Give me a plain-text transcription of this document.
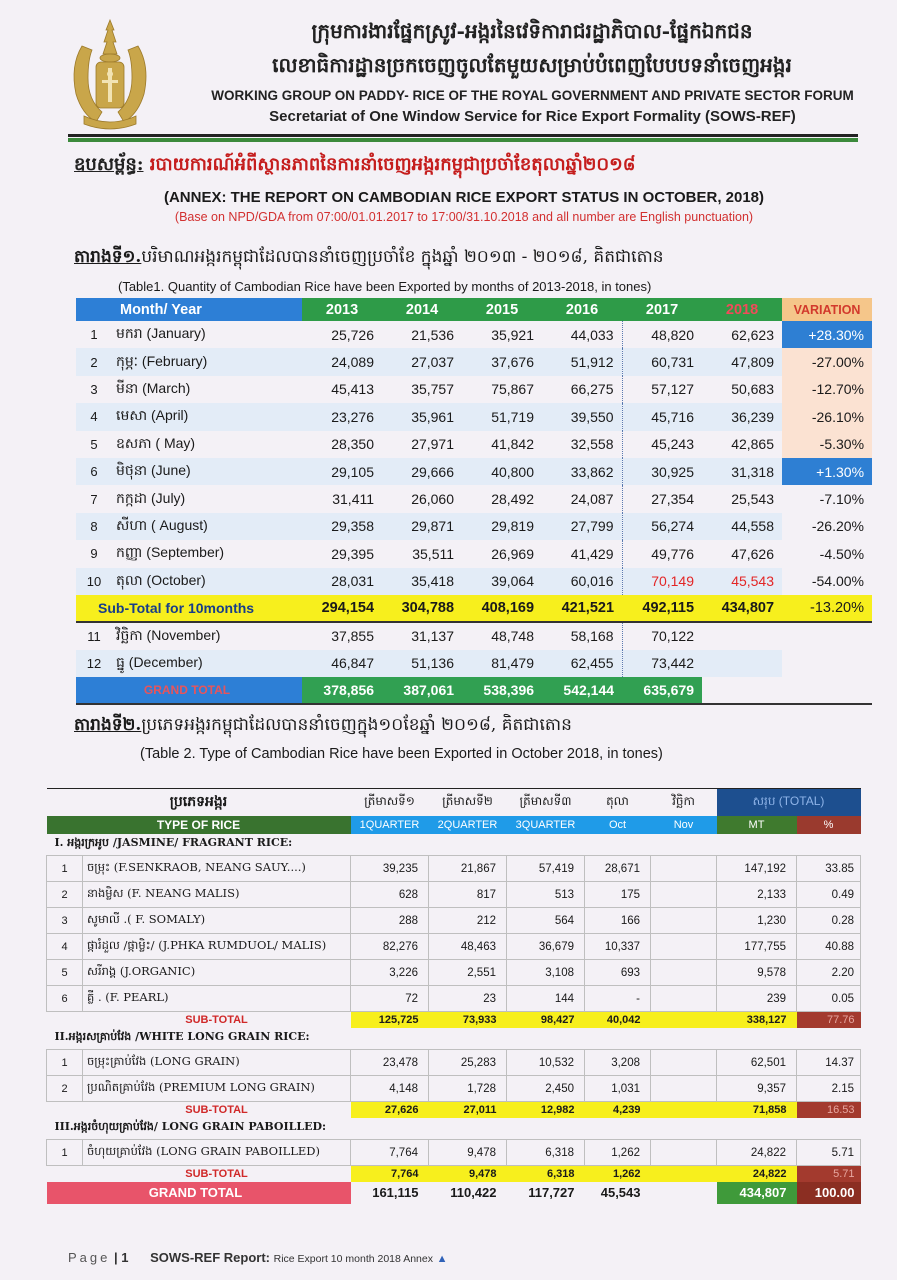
ក្រុមការងារផ្នែកស្រូវ-អង្ករនៃវេទិការាជរដ្ឋាភិបាល-ផ្នែកឯកជន
លេខាធិការដ្ឋានច្រកចេញចូលតែមួយសម្រាប់បំពេញបែបបទនាំចេញអង្ករ
WORKING GROUP ON PADDY- RICE OF THE ROYAL GOVERNMENT AND PRIVATE SECTOR FORUM
Secretariat of One Window Service for Rice Export Formality (SOWS-REF)
ឧបសម្ព័ន្ធ: របាយការណ៍អំពីស្ថានភាពនៃការនាំចេញអង្ករកម្ពុជាប្រចាំខែតុលាឆ្នាំ២០១៨
(ANNEX: THE REPORT ON CAMBODIAN RICE EXPORT STATUS IN OCTOBER, 2018)
(Base on NPD/GDA from 07:00/01.01.2017 to 17:00/31.10.2018 and all number are English punctuation)
តារាងទី១.បរិមាណអង្ករកម្ពុជាដែលបាននាំចេញប្រចាំខែ ក្នុងឆ្នាំ ២០១៣ - ២០១៨, គិតជាតោន
(Table1. Quantity of Cambodian Rice have been Exported by months of 2013-2018, in tones)
Month/ Year		2013	2014	2015	2016	2017	2018	VARIATION
1	មករា (January)	25,726	21,536	35,921	44,033	48,820	62,623	+28.30%
2	កុម្ភៈ (February)	24,089	27,037	37,676	51,912	60,731	47,809	-27.00%
3	មីនា (March)	45,413	35,757	75,867	66,275	57,127	50,683	-12.70%
4	មេសា (April)	23,276	35,961	51,719	39,550	45,716	36,239	-26.10%
5	ឧសភា ( May)	28,350	27,971	41,842	32,558	45,243	42,865	-5.30%
6	មិថុនា (June)	29,105	29,666	40,800	33,862	30,925	31,318	+1.30%
7	កក្កដា (July)	31,411	26,060	28,492	24,087	27,354	25,543	-7.10%
8	សីហា ( August)	29,358	29,871	29,819	27,799	56,274	44,558	-26.20%
9	កញ្ញា (September)	29,395	35,511	26,969	41,429	49,776	47,626	-4.50%
10	តុលា (October)	28,031	35,418	39,064	60,016	70,149	45,543	-54.00%
Sub-Total for 10months		294,154	304,788	408,169	421,521	492,115	434,807	-13.20%
11	វិច្ឆិកា (November)	37,855	31,137	48,748	58,168	70,122		
12	ធ្នូ (December)	46,847	51,136	81,479	62,455	73,442		
GRAND TOTAL		378,856	387,061	538,396	542,144	635,679		
តារាងទី២.ប្រភេទអង្ករកម្ពុជាដែលបាននាំចេញក្នុង១០ខែឆ្នាំ ២០១៨, គិតជាតោន
(Table 2. Type of Cambodian Rice have been Exported in October 2018, in tones)
ប្រភេទអង្ករ		ត្រីមាសទី១	ត្រីមាសទី២	ត្រីមាសទី៣	តុលា	វិច្ឆិកា	សរុប (TOTAL)	
TYPE OF RICE		1QUARTER	2QUARTER	3QUARTER	Oct	Nov	MT	%
I. អង្ករក្រអូប /JASMINE/ FRAGRANT RICE:								
1	ចម្រុះ (F.SENKRAOB, NEANG SAUY....)	39,235	21,867	57,419	28,671		147,192	33.85
2	នាងម្លិស (F. NEANG MALIS)	628	817	513	175		2,133	0.49
3	សូមាលី .( F. SOMALY)	288	212	564	166		1,230	0.28
4	ផ្ការំដួល /ផ្កាម្លិះ/ (J.PHKA RUMDUOL/ MALIS)	82,276	48,463	36,679	10,337		177,755	40.88
5	សរីរាង្គ (J.ORGANIC)	3,226	2,551	3,108	693		9,578	2.20
6	គ្លី . (F. PEARL)	72	23	144	-		239	0.05
	SUB-TOTAL	125,725	73,933	98,427	40,042		338,127	77.76
II.អង្ករសគ្រាប់វែង /WHITE LONG GRAIN RICE:								
1	ចម្រុះគ្រាប់វែង (LONG GRAIN)	23,478	25,283	10,532	3,208		62,501	14.37
2	ប្រណិតគ្រាប់វែង (PREMIUM LONG GRAIN)	4,148	1,728	2,450	1,031		9,357	2.15
	SUB-TOTAL	27,626	27,011	12,982	4,239		71,858	16.53
III.អង្ករចំហុយគ្រាប់វែង/ LONG GRAIN PABOILLED:								
1	ចំហុយគ្រាប់វែង (LONG GRAIN PABOILLED)	7,764	9,478	6,318	1,262		24,822	5.71
	SUB-TOTAL	7,764	9,478	6,318	1,262		24,822	5.71
GRAND TOTAL		161,115	110,422	117,727	45,543		434,807	100.00
Page | 1 SOWS-REF Report: Rice Export 10 month 2018 Annex ▲
